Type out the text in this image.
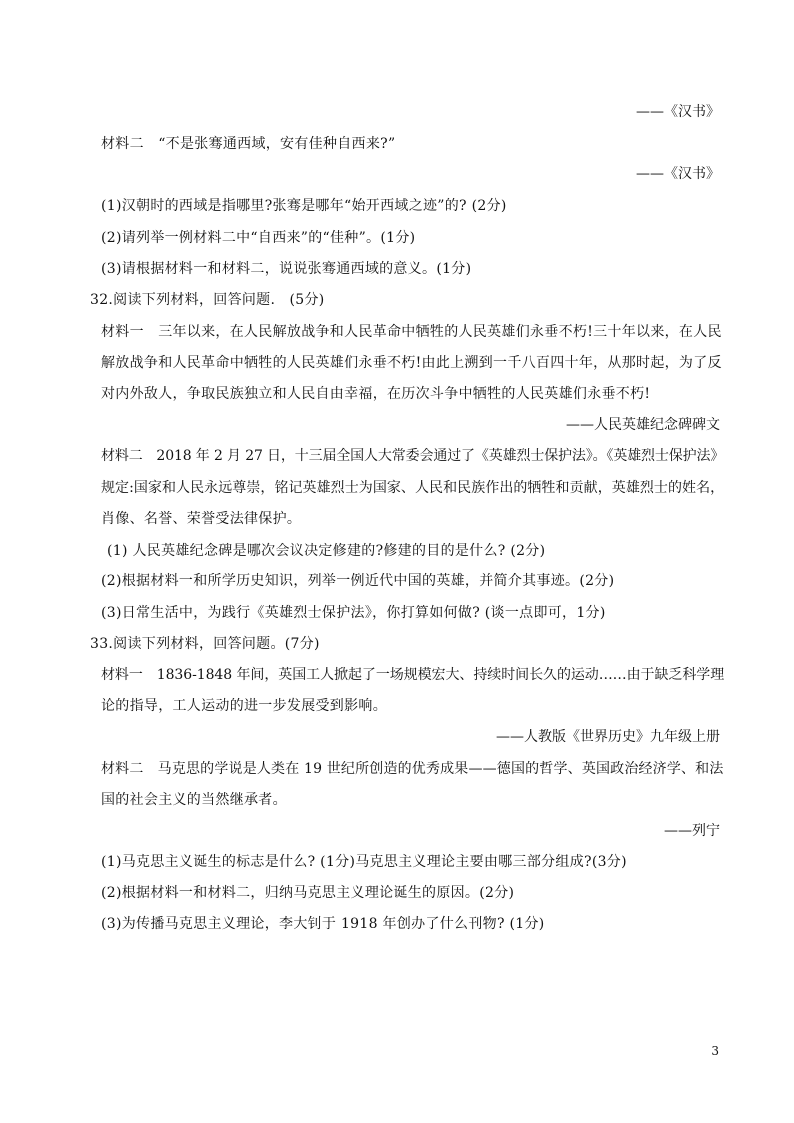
——《汉书》
材料二　“不是张骞通西域，安有佳种自西来?”
——《汉书》
(1)汉朝时的西域是指哪里?张骞是哪年“始开西域之迹”的? (2分)
(2)请列举一例材料二中“自西来”的“佳种”。(1分)
(3)请根据材料一和材料二，说说张骞通西域的意义。(1分)
32.阅读下列材料，回答问题.　(5分)
材料一　三年以来，在人民解放战争和人民革命中牺牲的人民英雄们永垂不朽!三十年以来，在人民
解放战争和人民革命中牺牲的人民英雄们永垂不朽!由此上溯到一千八百四十年，从那时起，为了反
对内外敌人，争取民族独立和人民自由幸福，在历次斗争中牺牲的人民英雄们永垂不朽!
——人民英雄纪念碑碑文
材料二　2018 年 2 月 27 日，十三届全国人大常委会通过了《英雄烈士保护法》。《英雄烈士保护法》
规定:国家和人民永远尊崇，铭记英雄烈士为国家、人民和民族作出的牺牲和贡献，英雄烈士的姓名，
肖像、名誉、荣誉受法律保护。
(1) 人民英雄纪念碑是哪次会议决定修建的?修建的目的是什么? (2分)
(2)根据材料一和所学历史知识，列举一例近代中国的英雄，并简介其事迹。(2分)
(3)日常生活中，为践行《英雄烈士保护法》，你打算如何做? (谈一点即可，1分)
33.阅读下列材料，回答问题。(7分)
材料一　1836-1848 年间，英国工人掀起了一场规模宏大、持续时间长久的运动……由于缺乏科学理
论的指导，工人运动的进一步发展受到影响。
——人教版《世界历史》九年级上册
材料二　马克思的学说是人类在 19 世纪所创造的优秀成果——德国的哲学、英国政治经济学、和法
国的社会主义的当然继承者。
——列宁
(1)马克思主义诞生的标志是什么? (1分)马克思主义理论主要由哪三部分组成?(3分)
(2)根据材料一和材料二，归纳马克思主义理论诞生的原因。(2分)
(3)为传播马克思主义理论，李大钊于 1918 年创办了什么刊物? (1分)
3
